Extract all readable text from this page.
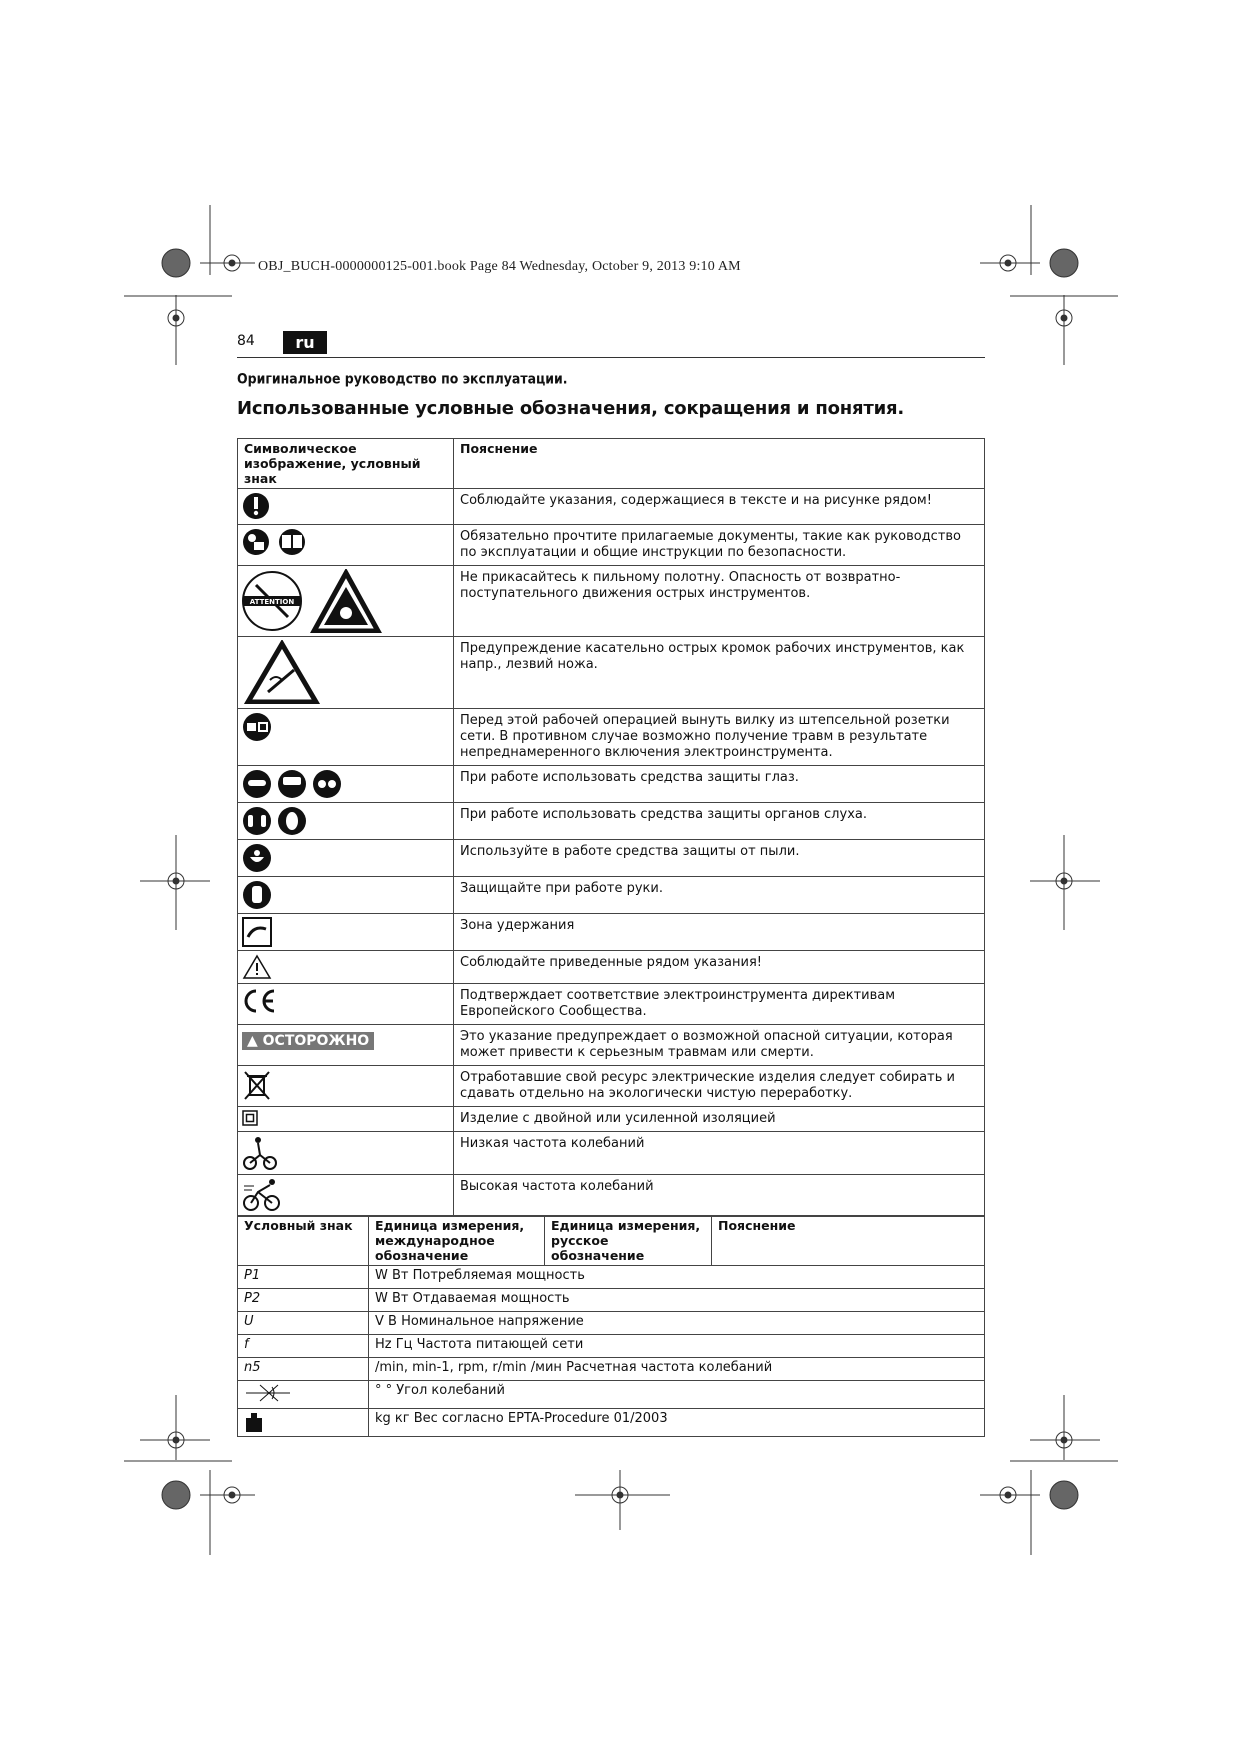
OBJ_BUCH-0000000125-001.book Page 84 Wednesday, October 9, 2013 9:10 AM
84	ru
Оригинальное руководство по эксплуатации.
Использованные условные обозначения, сокращения и понятия.
Символическое изображение, условный знак	Пояснение
	Соблюдайте указания, содержащиеся в тексте и на рисунке рядом!
	Обязательно прочтите прилагаемые документы, такие как руководство по эксплуатации и общие инструкции по безопасности.

ATTENTION	Не прикасайтесь к пильному полотну. Опасность от возвратно-поступательного движения острых инструментов.
	Предупреждение касательно острых кромок рабочих инструментов, как напр., лезвий ножа.
	Перед этой рабочей операцией вынуть вилку из штепсельной розетки сети. В противном случае возможно получение травм в результате непреднамеренного включения электроинструмента.
	При работе использовать средства защиты глаз.
	При работе использовать средства защиты органов слуха.
	Используйте в работе средства защиты от пыли.
	Защищайте при работе руки.
	Зона удержания
	Соблюдайте приведенные рядом указания!
	Подтверждает соответствие электроинструмента директивам Европейского Сообщества.
▲ ОСТОРОЖНО	Это указание предупреждает о возможной опасной ситуации, которая может привести к серьезным травмам или смерти.
	Отработавшие свой ресурс электрические изделия следует собирать и сдавать отдельно на экологически чистую переработку.
	Изделие с двойной или усиленной изоляцией
	Низкая частота колебаний
	Высокая частота колебаний
Условный знак	Единица измерения, международное обозначение	Единица измерения, русское обозначение	Пояснение
P1	W Вт Потребляемая мощность		
P2	W Вт Отдаваемая мощность		
U	V В Номинальное напряжение		
f	Hz Гц Частота питающей сети		
n5	/min, min-1, rpm, r/min /мин Расчетная частота колебаний		
	° ° Угол колебаний		
	kg кг Вес согласно EPTA-Procedure 01/2003		
